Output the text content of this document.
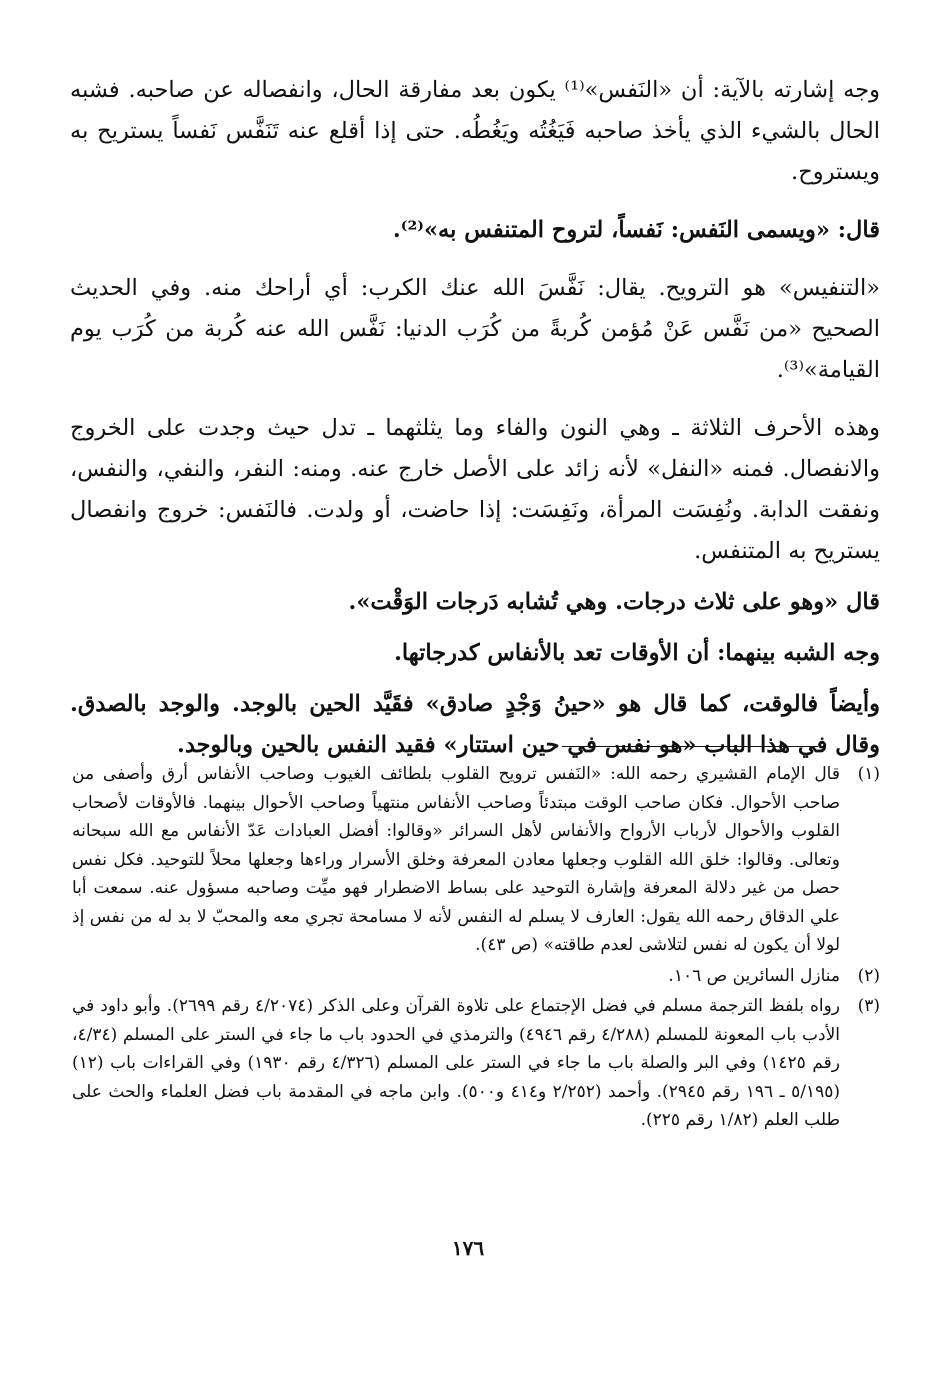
وجه إشارته بالآية: أن «النَفس»⁽¹⁾ يكون بعد مفارقة الحال، وانفصاله عن صاحبه. فشبه الحال بالشيء الذي يأخذ صاحبه فَيَغُتُه ويَغُطُه. حتى إذا أقلع عنه تَنَفَّس نَفساً يستريح به ويستروح.

قال: «ويسمى النَفس: نَفساً، لتروح المتنفس به»⁽²⁾.

«التنفيس» هو الترويح. يقال: نَفَّسَ الله عنك الكرب: أي أراحك منه. وفي الحديث الصحيح «من نَفَّس عَنْ مُؤمن كُربةً من كُرَب الدنيا: نَفَّس الله عنه كُربة من كُرَب يوم القيامة»⁽³⁾.

وهذه الأحرف الثلاثة ـ وهي النون والفاء وما يثلثهما ـ تدل حيث وجدت على الخروج والانفصال. فمنه «النفل» لأنه زائد على الأصل خارج عنه. ومنه: النفر، والنفي، والنفس، ونفقت الدابة. ونُفِسَت المرأة، ونَفِسَت: إذا حاضت، أو ولدت. فالنَفس: خروج وانفصال يستريح به المتنفس.

قال «وهو على ثلاث درجات. وهي تُشابه دَرجات الوَقْت».

وجه الشبه بينهما: أن الأوقات تعد بالأنفاس كدرجاتها.

وأيضاً فالوقت، كما قال هو «حينُ وَجْدٍ صادق» فقَيَّد الحين بالوجد. والوجد بالصدق. وقال في هذا الباب «هو نفس في حين استتار» فقيد النفس بالحين وبالوجد.

(١)
قال الإمام القشيري رحمه الله: «النَفس ترويح القلوب بلطائف الغيوب وصاحب الأنفاس أرق وأصفى من صاحب الأحوال. فكان صاحب الوقت مبتدئاً وصاحب الأنفاس منتهياً وصاحب الأحوال بينهما. فالأوقات لأصحاب القلوب والأحوال لأرباب الأرواح والأنفاس لأهل السرائر «وقالوا: أفضل العبادات عَدّ الأنفاس مع الله سبحانه وتعالى. وقالوا: خلق الله القلوب وجعلها معادن المعرفة وخلق الأسرار وراءها وجعلها محلاً للتوحيد. فكل نفس حصل من غير دلالة المعرفة وإشارة التوحيد على بساط الاضطرار فهو ميِّت وصاحبه مسؤول عنه. سمعت أبا علي الدقاق رحمه الله يقول: العارف لا يسلم له النفس لأنه لا مسامحة تجري معه والمحبّ لا بد له من نفس إذ لولا أن يكون له نفس لتلاشى لعدم طاقته» (ص ٤٣).
(٢)
منازل السائرين ص ١٠٦.
(٣)
رواه بلفظ الترجمة مسلم في فضل الإجتماع على تلاوة القرآن وعلى الذكر (٤/٢٠٧٤ رقم ٢٦٩٩). وأبو داود في الأدب باب المعونة للمسلم (٤/٢٨٨ رقم ٤٩٤٦) والترمذي في الحدود باب ما جاء في الستر على المسلم (٤/٣٤، رقم ١٤٢٥) وفي البر والصلة باب ما جاء في الستر على المسلم (٤/٣٢٦ رقم ١٩٣٠) وفي القراءات باب (١٢) (٥/١٩٥ ـ ١٩٦ رقم ٢٩٤٥). وأحمد (٢/٢٥٢ و٤١٤ و٥٠٠). وابن ماجه في المقدمة باب فضل العلماء والحث على طلب العلم (١/٨٢ رقم ٢٢٥).
١٧٦
